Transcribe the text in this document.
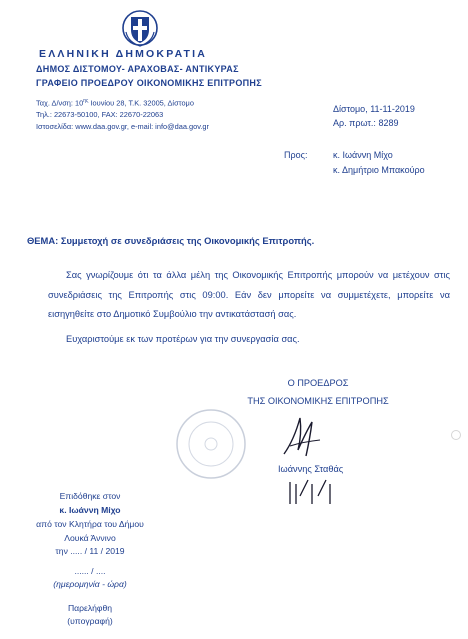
ΕΛΛΗΝΙΚΗ ΔΗΜΟΚΡΑΤΙΑ
ΔΗΜΟΣ ΔΙΣΤΟΜΟΥ- ΑΡΑΧΟΒΑΣ- ΑΝΤΙΚΥΡΑΣ
ΓΡΑΦΕΙΟ ΠΡΟΕΔΡΟΥ ΟΙΚΟΝΟΜΙΚΗΣ ΕΠΙΤΡΟΠΗΣ
Ταχ. Δ/νση: $10^{\eta\varsigma}$ Ιουνίου 28, Τ.Κ. 32005, Δίστομο
Τηλ.: 22673-50100, FAX: 22670-22063
Ιστοσελίδα: www.daa.gov.gr, e-mail: info@daa.gov.gr
Δίστομο, 11-11-2019
Αρ. πρωτ.: 8289
Προς:	κ. Ιωάννη Μίχο
κ. Δημήτριο Μπακούρο
ΘΕΜΑ: Συμμετοχή σε συνεδριάσεις της Οικονομικής Επιτροπής.
Σας γνωρίζουμε ότι τα άλλα μέλη της Οικονομικής Επιτροπής μπορούν να μετέχουν στις συνεδριάσεις της Επιτροπής στις 09:00. Εάν δεν μπορείτε να συμμετέχετε, μπορείτε να εισηγηθείτε στο Δημοτικό Συμβούλιο την αντικατάστασή σας.
Ευχαριστούμε εκ των προτέρων για την συνεργασία σας.
Ο ΠΡΟΕΔΡΟΣ
ΤΗΣ ΟΙΚΟΝΟΜΙΚΗΣ ΕΠΙΤΡΟΠΗΣ
Ιωάννης Σταθάς
Επιδόθηκε στον
κ. Ιωάννη Μίχο
από τον Κλητήρα του Δήμου
Λουκά Άννινο
την ..... / 11 / 2019
...... / ....
(ημερομηνία - ώρα)
Παρελήφθη
(υπογραφή)
